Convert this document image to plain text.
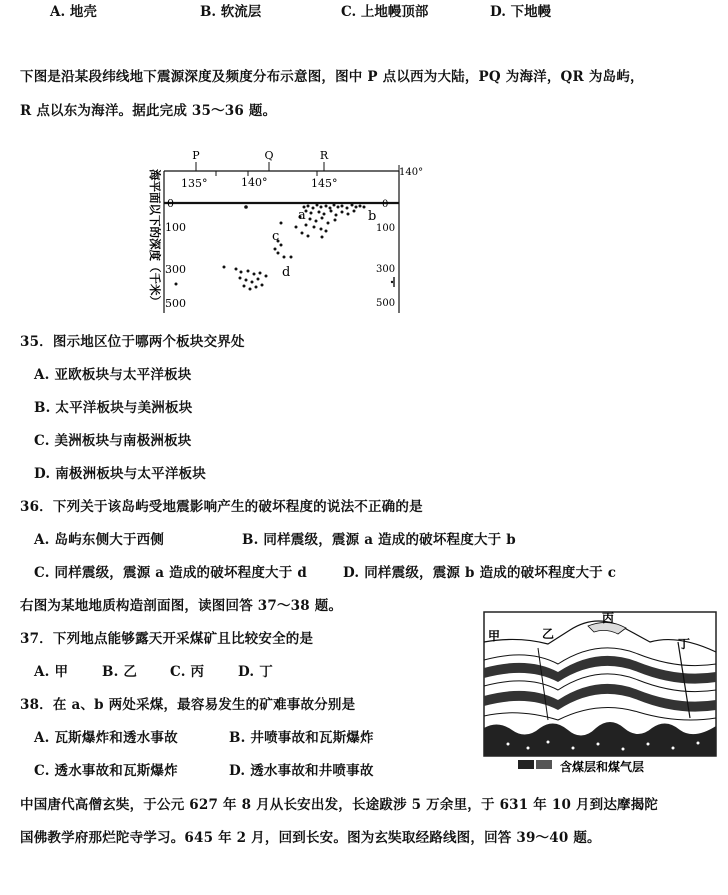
A. 地壳	B. 软流层	C. 上地幔顶部	D. 下地幔
下图是沿某段纬线地下震源深度及频度分布示意图，图中 P 点以西为大陆，PQ 为海洋，QR 为岛屿，
R 点以东为海洋。据此完成 35～36 题。
P	Q	R
135°	140°	145°
140°
海平面以下的深度（千米） 0
100
300
500
0
100
300
500
a	b
c
d
35．图示地区位于哪两个板块交界处
A. 亚欧板块与太平洋板块
B. 太平洋板块与美洲板块
C. 美洲板块与南极洲板块
D. 南极洲板块与太平洋板块
36．下列关于该岛屿受地震影响产生的破坏程度的说法不正确的是
A. 岛屿东侧大于西侧	B. 同样震级，震源 a 造成的破坏程度大于 b
C. 同样震级，震源 a 造成的破坏程度大于 d	D. 同样震级，震源 b 造成的破坏程度大于 c
右图为某地地质构造剖面图，读图回答 37～38 题。
37．下列地点能够露天开采煤矿且比较安全的是
A. 甲	B. 乙 C. 丙	D. 丁
38．在 a、b 两处采煤，最容易发生的矿难事故分别是
A. 瓦斯爆炸和透水事故	B. 井喷事故和瓦斯爆炸
C. 透水事故和瓦斯爆炸	D. 透水事故和井喷事故
甲	乙
丙
丁
含煤层和煤气层
中国唐代高僧玄奘，于公元 627 年 8 月从长安出发，长途跋涉 5 万余里，于 631 年 10 月到达摩揭陀
国佛教学府那烂陀寺学习。645 年 2 月，回到长安。图为玄奘取经路线图，回答 39～40 题。
